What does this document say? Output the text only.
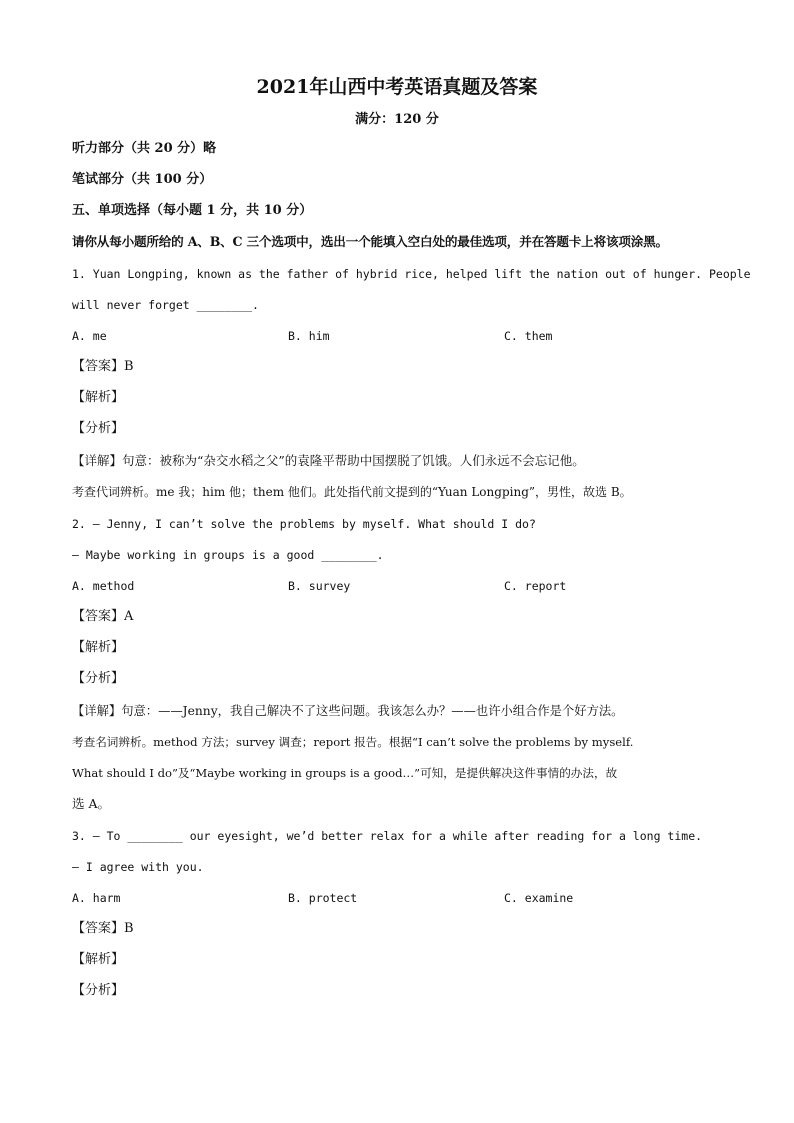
2021年山西中考英语真题及答案
满分：120 分
听力部分（共 20 分）略
笔试部分（共 100 分）
五、单项选择（每小题 1 分，共 10 分）
请你从每小题所给的 A、B、C 三个选项中，选出一个能填入空白处的最佳选项，并在答题卡上将该项涂黑。
1. Yuan Longping, known as the father of hybrid rice, helped lift the nation out of hunger. People
will never forget ________.
A. me	B. him	C. them
【答案】B
【解析】
【分析】
【详解】句意：被称为“杂交水稻之父”的袁隆平帮助中国摆脱了饥饿。人们永远不会忘记他。
考查代词辨析。me 我；him 他；them 他们。此处指代前文提到的“Yuan Longping”，男性，故选 B。
2. — Jenny, I can’t solve the problems by myself. What should I do?
— Maybe working in groups is a good ________.
A. method	B. survey	C. report
【答案】A
【解析】
【分析】
【详解】句意：——Jenny，我自己解决不了这些问题。我该怎么办？——也许小组合作是个好方法。
考查名词辨析。method 方法；survey 调查；report 报告。根据“I can’t solve the problems by myself.
What should I do”及“Maybe working in groups is a good…”可知，是提供解决这件事情的办法，故
选 A。
3. — To ________ our eyesight, we’d better relax for a while after reading for a long time.
— I agree with you.
A. harm	B. protect	C. examine
【答案】B
【解析】
【分析】
